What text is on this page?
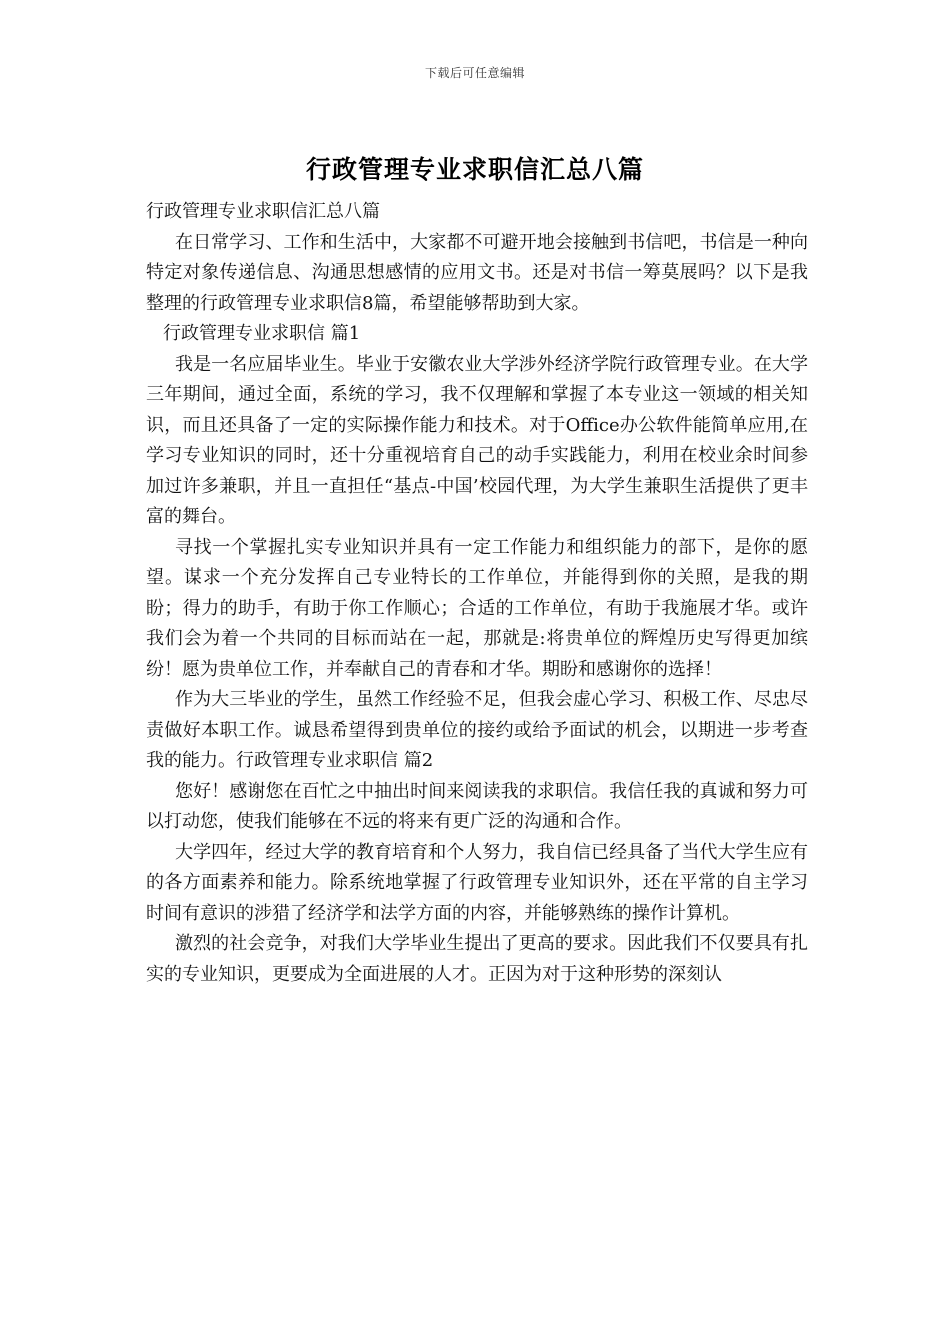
下载后可任意编辑
行政管理专业求职信汇总八篇

行政管理专业求职信汇总八篇

在日常学习、工作和生活中，大家都不可避开地会接触到书信吧，书信是一种向特定对象传递信息、沟通思想感情的应用文书。还是对书信一筹莫展吗？以下是我整理的行政管理专业求职信8篇，希望能够帮助到大家。

行政管理专业求职信 篇1

我是一名应届毕业生。毕业于安徽农业大学涉外经济学院行政管理专业。在大学三年期间，通过全面，系统的学习，我不仅理解和掌握了本专业这一领域的相关知识，而且还具备了一定的实际操作能力和技术。对于Office办公软件能简单应用,在学习专业知识的同时，还十分重视培育自己的动手实践能力，利用在校业余时间参加过许多兼职，并且一直担任“基点-中国’校园代理，为大学生兼职生活提供了更丰富的舞台。

寻找一个掌握扎实专业知识并具有一定工作能力和组织能力的部下，是你的愿望。谋求一个充分发挥自己专业特长的工作单位，并能得到你的关照，是我的期盼；得力的助手，有助于你工作顺心；合适的工作单位，有助于我施展才华。或许我们会为着一个共同的目标而站在一起，那就是:将贵单位的辉煌历史写得更加缤纷！愿为贵单位工作，并奉献自己的青春和才华。期盼和感谢你的选择！

作为大三毕业的学生，虽然工作经验不足，但我会虚心学习、积极工作、尽忠尽责做好本职工作。诚恳希望得到贵单位的接约或给予面试的机会，以期进一步考查我的能力。行政管理专业求职信 篇2

您好！感谢您在百忙之中抽出时间来阅读我的求职信。我信任我的真诚和努力可以打动您，使我们能够在不远的将来有更广泛的沟通和合作。

大学四年，经过大学的教育培育和个人努力，我自信已经具备了当代大学生应有的各方面素养和能力。除系统地掌握了行政管理专业知识外，还在平常的自主学习时间有意识的涉猎了经济学和法学方面的内容，并能够熟练的操作计算机。

激烈的社会竞争，对我们大学毕业生提出了更高的要求。因此我们不仅要具有扎实的专业知识，更要成为全面进展的人才。正因为对于这种形势的深刻认
